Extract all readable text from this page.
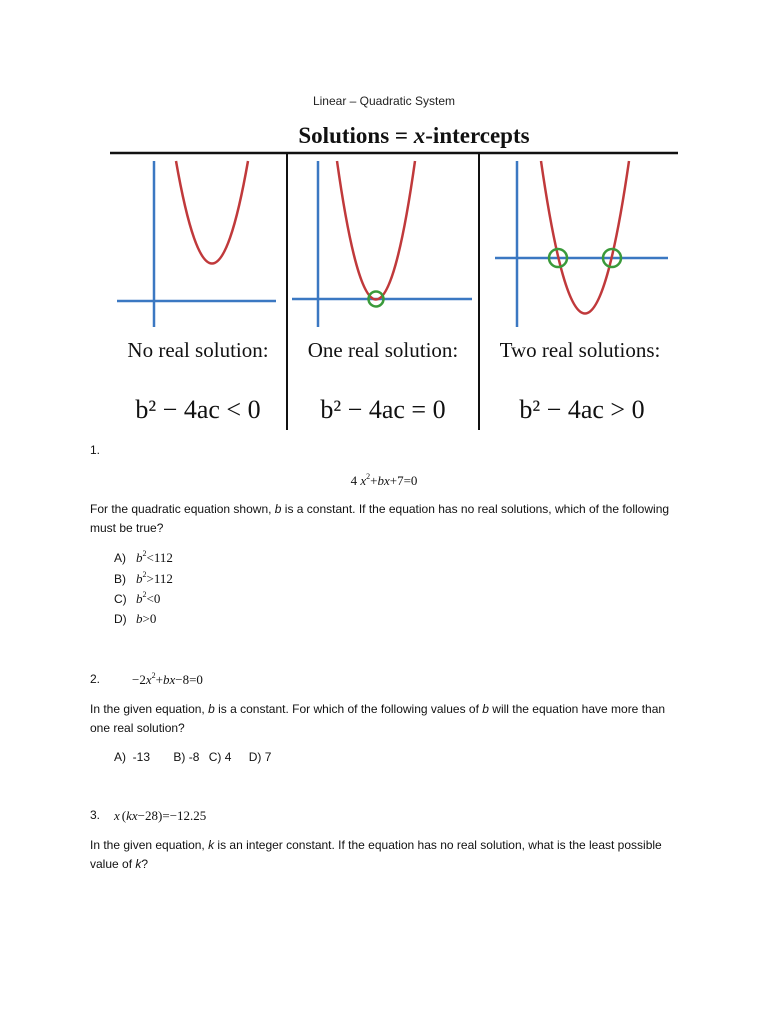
Linear – Quadratic System
Solutions = x-intercepts
No real solution: One real solution: Two real solutions:
b² − 4ac < 0 b² − 4ac = 0	b² − 4ac > 0
1.
4 $x^2+bx+7=0$
For the quadratic equation shown, b is a constant. If the equation has no real solutions, which of the following must be true?
A) $b^2<112$
B) $b^2>112$
C) $b^2<0$
D) b>0
2. $-2x^2+bx-8=0$
In the given equation, b is a constant. For which of the following values of b will the equation have more than one real solution?
A) -13 B) -8 C) 4 D) 7
3. x (kx−28)=−12.25
In the given equation, k is an integer constant. If the equation has no real solution, what is the least possible value of k?
